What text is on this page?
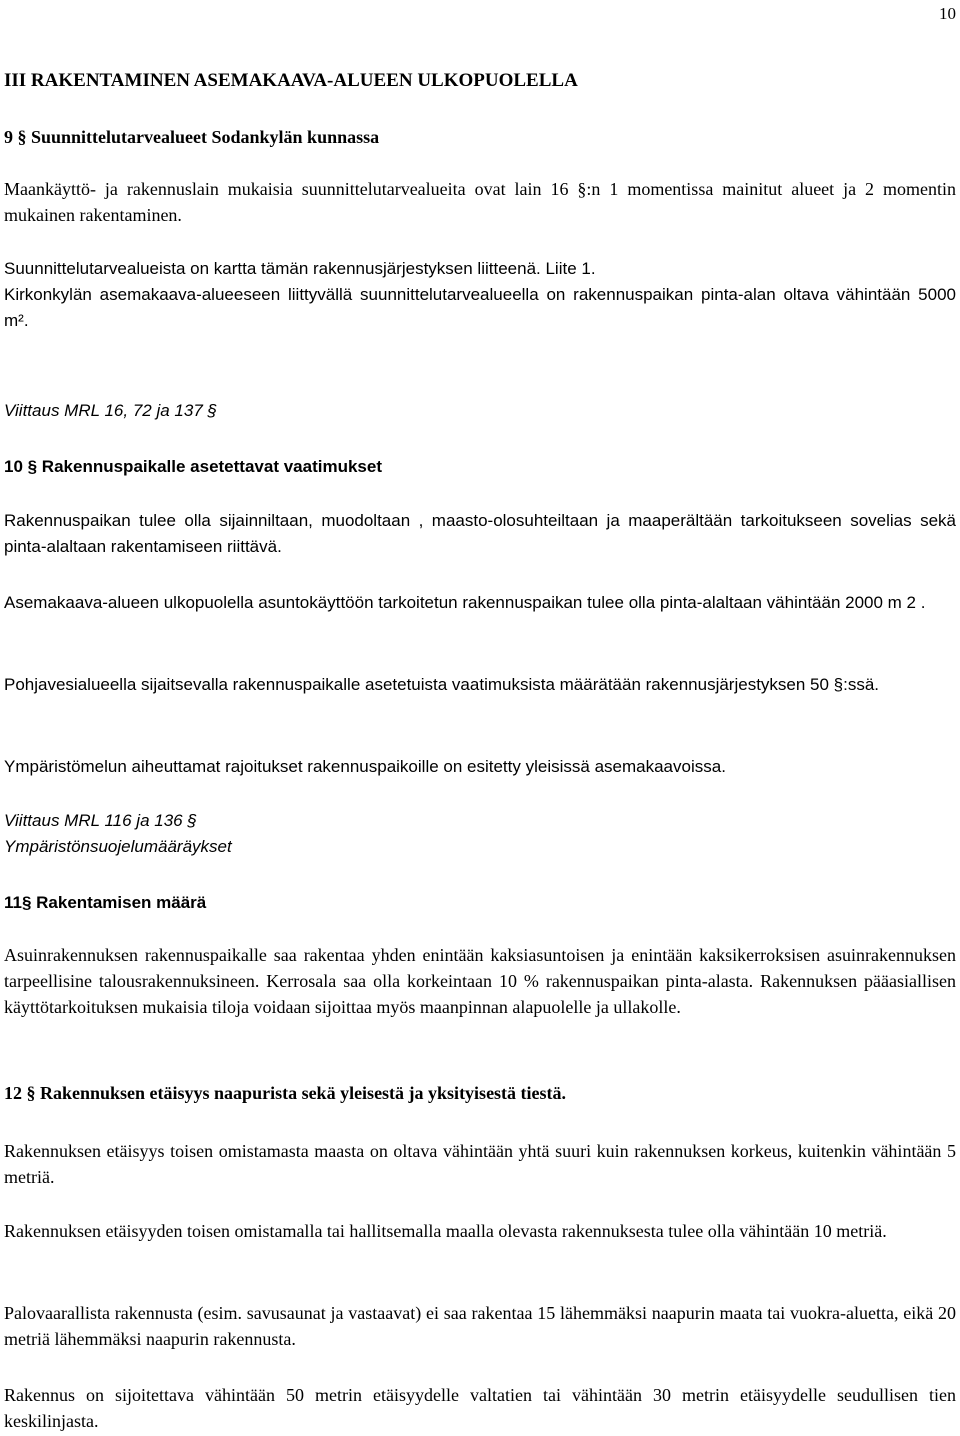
10
III RAKENTAMINEN ASEMAKAAVA-ALUEEN ULKOPUOLELLA
9 § Suunnittelutarvealueet Sodankylän kunnassa

Maankäyttö- ja rakennuslain mukaisia suunnittelutarvealueita ovat lain 16 §:n 1 momentissa mainitut alueet ja 2 momentin mukainen rakentaminen.

Suunnittelutarvealueista on kartta tämän rakennusjärjestyksen liitteenä. Liite 1.

Kirkonkylän asemakaava-alueeseen liittyvällä suunnittelutarvealueella on rakennuspaikan pinta-alan oltava vähintään 5000 m².

Viittaus MRL 16, 72 ja 137 §
10 § Rakennuspaikalle asetettavat vaatimukset

Rakennuspaikan tulee olla sijainniltaan, muodoltaan , maasto-olosuhteiltaan ja maaperältään tarkoitukseen sovelias sekä pinta-alaltaan rakentamiseen riittävä.

Asemakaava-alueen ulkopuolella asuntokäyttöön tarkoitetun rakennuspaikan tulee olla pinta-alaltaan vähintään 2000 m 2 .

Pohjavesialueella sijaitsevalla rakennuspaikalle asetetuista vaatimuksista määrätään rakennusjärjestyksen 50 §:ssä.

Ympäristömelun aiheuttamat rajoitukset rakennuspaikoille on esitetty yleisissä asemakaavoissa.

Viittaus MRL 116 ja 136 §
Ympäristönsuojelumääräykset
11§ Rakentamisen määrä

Asuinrakennuksen rakennuspaikalle saa rakentaa yhden enintään kaksiasuntoisen ja enintään kaksikerroksisen asuinrakennuksen tarpeellisine talousrakennuksineen. Kerrosala saa olla korkeintaan 10 % rakennuspaikan pinta-alasta. Rakennuksen pääasiallisen käyttötarkoituksen mukaisia tiloja voidaan sijoittaa myös maanpinnan alapuolelle ja ullakolle.

12 § Rakennuksen etäisyys naapurista sekä yleisestä ja yksityisestä tiestä.

Rakennuksen etäisyys toisen omistamasta maasta on oltava vähintään yhtä suuri kuin rakennuksen korkeus, kuitenkin vähintään 5 metriä.

Rakennuksen etäisyyden toisen omistamalla tai hallitsemalla maalla olevasta rakennuksesta tulee olla vähintään 10 metriä.

Palovaarallista rakennusta (esim. savusaunat ja vastaavat) ei saa rakentaa 15 lähemmäksi naapurin maata tai vuokra-aluetta, eikä 20 metriä lähemmäksi naapurin rakennusta.

Rakennus on sijoitettava vähintään 50 metrin etäisyydelle valtatien tai vähintään 30 metrin etäisyydelle seudullisen tien keskilinjasta.
